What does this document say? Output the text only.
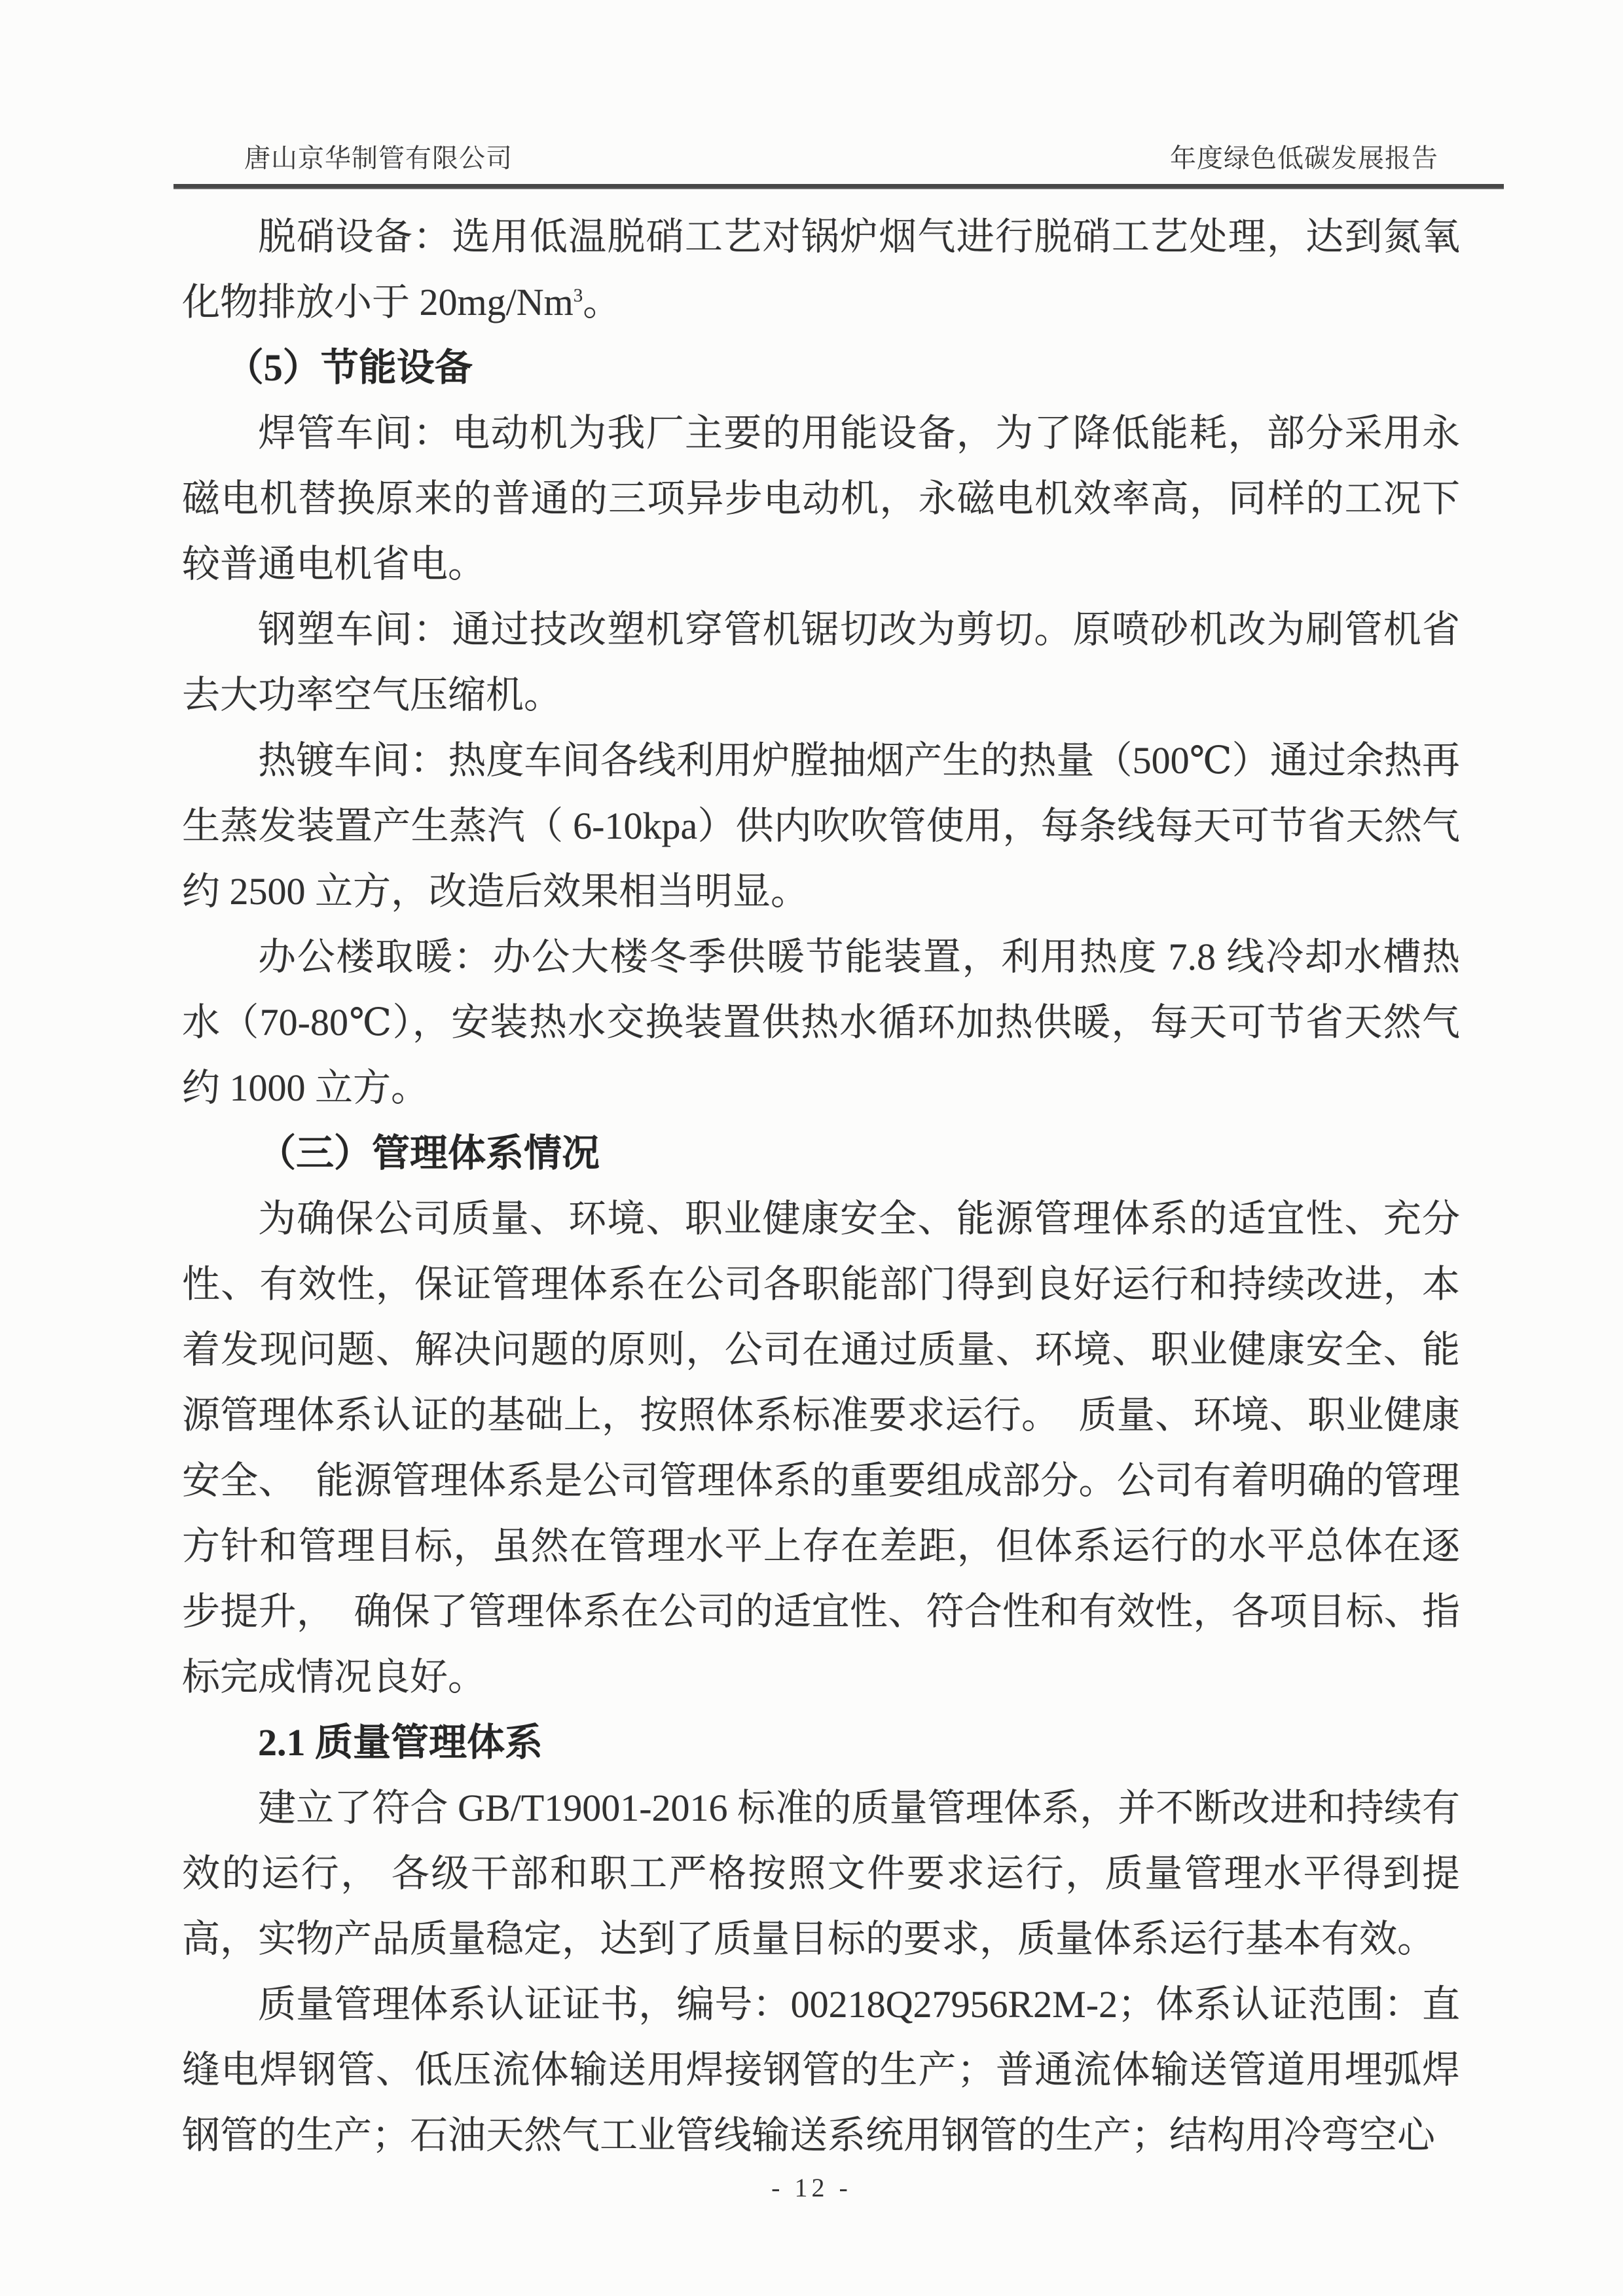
唐山京华制管有限公司	年度绿色低碳发展报告

脱硝设备：选用低温脱硝工艺对锅炉烟气进行脱硝工艺处理，达到氮氧化物排放小于 20mg/Nm$^3$。

（5）节能设备

焊管车间：电动机为我厂主要的用能设备，为了降低能耗，部分采用永磁电机替换原来的普通的三项异步电动机，永磁电机效率高，同样的工况下较普通电机省电。

钢塑车间：通过技改塑机穿管机锯切改为剪切。原喷砂机改为刷管机省去大功率空气压缩机。

热镀车间：热度车间各线利用炉膛抽烟产生的热量（500℃）通过余热再生蒸发装置产生蒸汽（ 6-10kpa）供内吹吹管使用，每条线每天可节省天然气约 2500 立方，改造后效果相当明显。

办公楼取暖：办公大楼冬季供暖节能装置，利用热度 7.8 线冷却水槽热水（70-80℃），安装热水交换装置供热水循环加热供暖，每天可节省天然气约 1000 立方。

（三）管理体系情况

为确保公司质量、环境、职业健康安全、能源管理体系的适宜性、充分性、有效性，保证管理体系在公司各职能部门得到良好运行和持续改进，本着发现问题、解决问题的原则，公司在通过质量、环境、职业健康安全、能源管理体系认证的基础上，按照体系标准要求运行。　质量、环境、职业健康安全、　能源管理体系是公司管理体系的重要组成部分。公司有着明确的管理方针和管理目标，虽然在管理水平上存在差距，但体系运行的水平总体在逐步提升，　确保了管理体系在公司的适宜性、符合性和有效性，各项目标、指标完成情况良好。

2.1 质量管理体系

建立了符合 GB/T19001-2016 标准的质量管理体系，并不断改进和持续有效的运行， 各级干部和职工严格按照文件要求运行，质量管理水平得到提高，实物产品质量稳定，达到了质量目标的要求，质量体系运行基本有效。

质量管理体系认证证书，编号：00218Q27956R2M-2；体系认证范围：直缝电焊钢管、低压流体输送用焊接钢管的生产；普通流体输送管道用埋弧焊钢管的生产；石油天然气工业管线输送系统用钢管的生产；结构用冷弯空心

- 12 -
